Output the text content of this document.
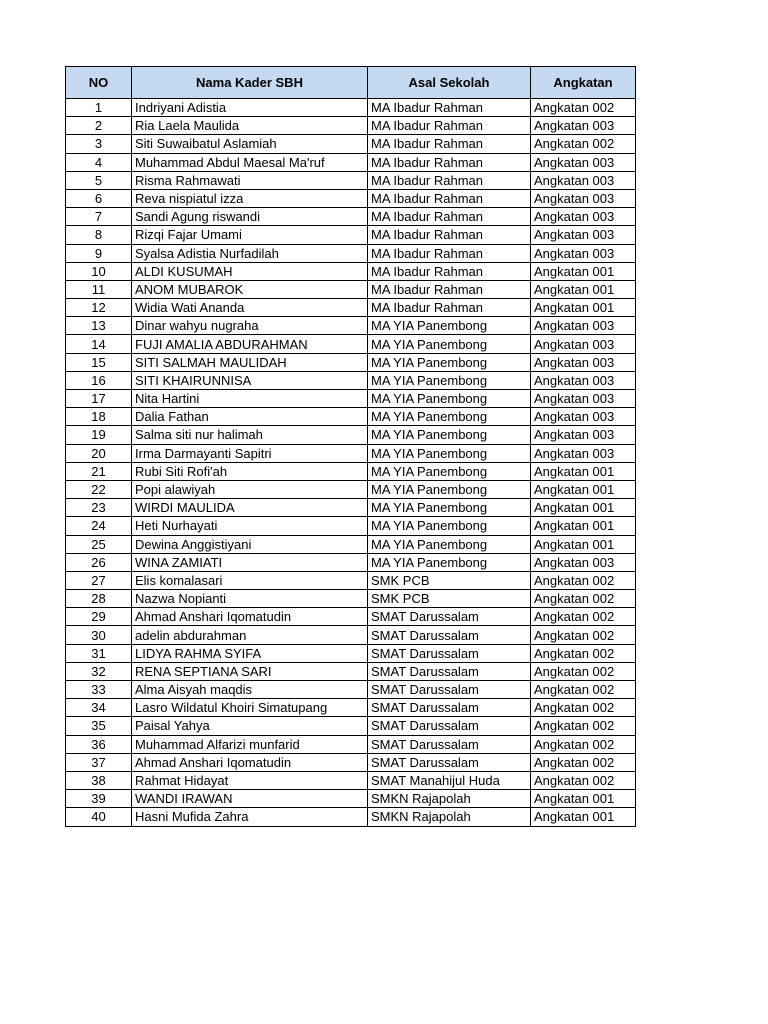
NO	Nama Kader SBH	Asal Sekolah	Angkatan
1	Indriyani Adistia	MA Ibadur Rahman	Angkatan 002
2	Ria Laela Maulida	MA Ibadur Rahman	Angkatan 003
3	Siti Suwaibatul Aslamiah	MA Ibadur Rahman	Angkatan 002
4	Muhammad Abdul Maesal Ma'ruf	MA Ibadur Rahman	Angkatan 003
5	Risma Rahmawati	MA Ibadur Rahman	Angkatan 003
6	Reva nispiatul izza	MA Ibadur Rahman	Angkatan 003
7	Sandi Agung riswandi	MA Ibadur Rahman	Angkatan 003
8	Rizqi Fajar Umami	MA Ibadur Rahman	Angkatan 003
9	Syalsa Adistia Nurfadilah	MA Ibadur Rahman	Angkatan 003
10	ALDI KUSUMAH	MA Ibadur Rahman	Angkatan 001
11	ANOM MUBAROK	MA Ibadur Rahman	Angkatan 001
12	Widia Wati Ananda	MA Ibadur Rahman	Angkatan 001
13	Dinar wahyu nugraha	MA YIA Panembong	Angkatan 003
14	FUJI AMALIA ABDURAHMAN	MA YIA Panembong	Angkatan 003
15	SITI SALMAH MAULIDAH	MA YIA Panembong	Angkatan 003
16	SITI KHAIRUNNISA	MA YIA Panembong	Angkatan 003
17	Nita Hartini	MA YIA Panembong	Angkatan 003
18	Dalia Fathan	MA YIA Panembong	Angkatan 003
19	Salma siti nur halimah	MA YIA Panembong	Angkatan 003
20	Irma Darmayanti Sapitri	MA YIA Panembong	Angkatan 003
21	Rubi Siti Rofi'ah	MA YIA Panembong	Angkatan 001
22	Popi alawiyah	MA YIA Panembong	Angkatan 001
23	WIRDI MAULIDA	MA YIA Panembong	Angkatan 001
24	Heti Nurhayati	MA YIA Panembong	Angkatan 001
25	Dewina Anggistiyani	MA YIA Panembong	Angkatan 001
26	WINA ZAMIATI	MA YIA Panembong	Angkatan 003
27	Elis komalasari	SMK PCB	Angkatan 002
28	Nazwa Nopianti	SMK PCB	Angkatan 002
29	Ahmad Anshari Iqomatudin	SMAT Darussalam	Angkatan 002
30	adelin abdurahman	SMAT Darussalam	Angkatan 002
31	LIDYA RAHMA SYIFA	SMAT Darussalam	Angkatan 002
32	RENA SEPTIANA SARI	SMAT Darussalam	Angkatan 002
33	Alma Aisyah maqdis	SMAT Darussalam	Angkatan 002
34	Lasro Wildatul Khoiri Simatupang	SMAT Darussalam	Angkatan 002
35	Paisal Yahya	SMAT Darussalam	Angkatan 002
36	Muhammad Alfarizi munfarid	SMAT Darussalam	Angkatan 002
37	Ahmad Anshari Iqomatudin	SMAT Darussalam	Angkatan 002
38	Rahmat Hidayat	SMAT Manahijul Huda	Angkatan 002
39	WANDI IRAWAN	SMKN Rajapolah	Angkatan 001
40	Hasni Mufida Zahra	SMKN Rajapolah	Angkatan 001
